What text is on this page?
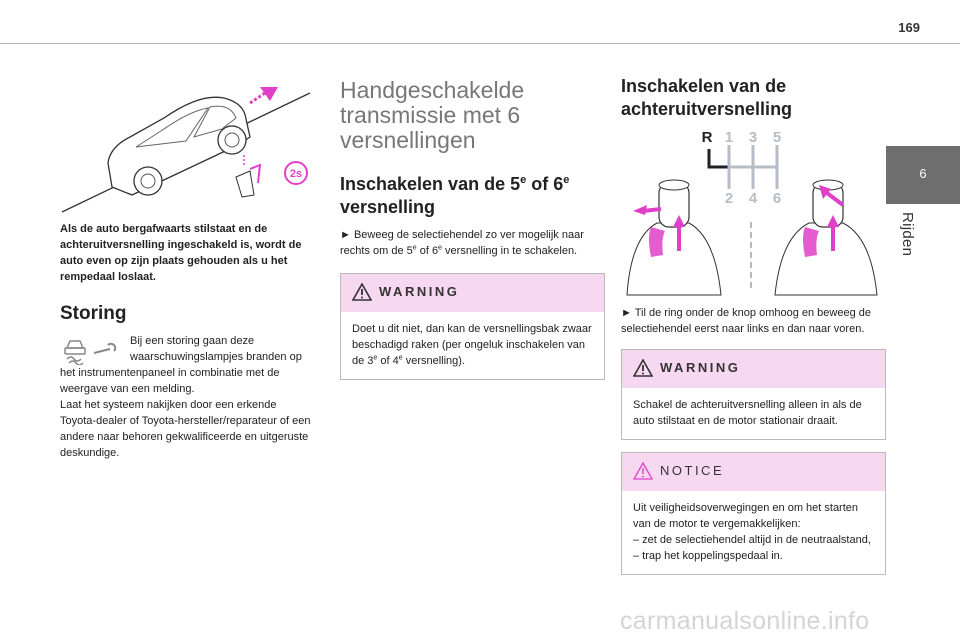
169
6
Rijden
2s
Als de auto bergafwaarts stilstaat en de achteruitversnelling ingeschakeld is, wordt de auto even op zijn plaats gehouden als u het rempedaal loslaat.
Storing
Bij een storing gaan deze
waarschuwingslampjes branden op
het instrumentenpaneel in combinatie met de
weergave van een melding.
Laat het systeem nakijken door een erkende
Toyota-dealer of Toyota-hersteller/reparateur of een
andere naar behoren gekwalificeerde en uitgeruste
deskundige.
Handgeschakelde transmissie met 6 versnellingen
Inschakelen van de 5e of 6e
versnelling

► Beweeg de selectiehendel zo ver mogelijk naar rechts om de 5e of 6e versnelling in te schakelen.

WARNING
Doet u dit niet, dan kan de versnellingsbak zwaar beschadigd raken (per ongeluk inschakelen van de 3e of 4e versnelling).
Inschakelen van de achteruitversnelling
R 1 3 5
2 4 6

► Til de ring onder de knop omhoog en beweeg de selectiehendel eerst naar links en dan naar voren.

WARNING
Schakel de achteruitversnelling alleen in als de auto stilstaat en de motor stationair draait.
NOTICE
Uit veiligheidsoverwegingen en om het starten van de motor te vergemakkelijken:
– zet de selectiehendel altijd in de neutraalstand,
– trap het koppelingspedaal in.
carmanualsonline.info
